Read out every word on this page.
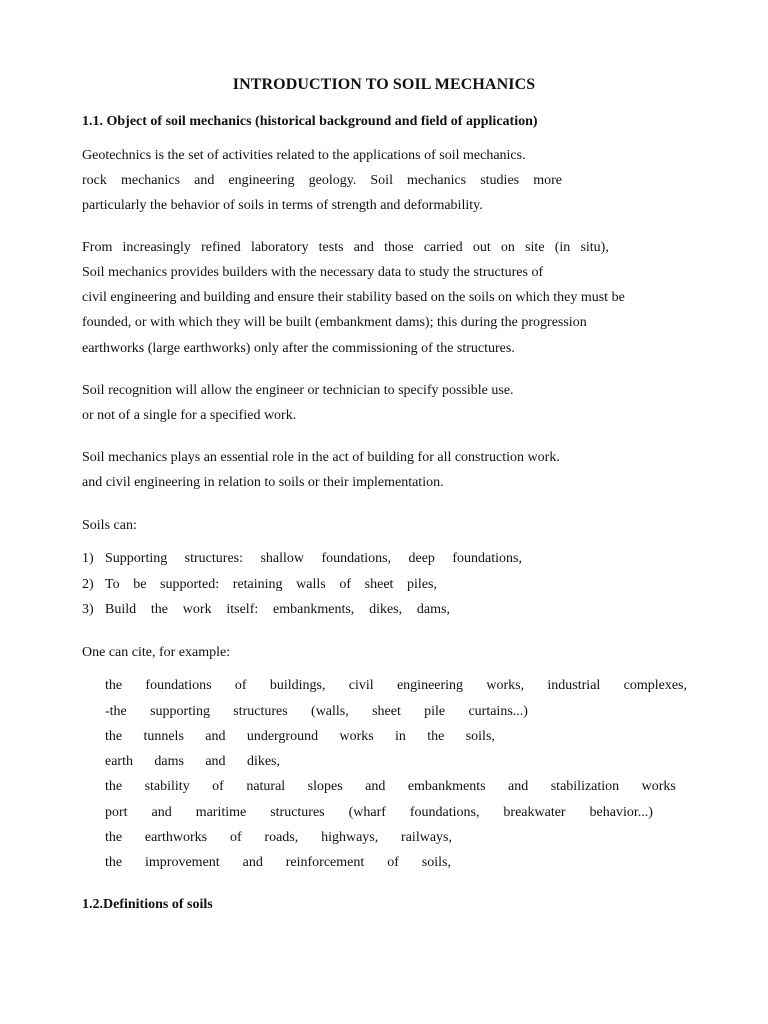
INTRODUCTION TO SOIL MECHANICS
1.1. Object of soil mechanics (historical background and field of application)
Geotechnics is the set of activities related to the applications of soil mechanics.
rock mechanics and engineering geology. Soil mechanics studies more
particularly the behavior of soils in terms of strength and deformability.
From increasingly refined laboratory tests and those carried out on site (in situ),
Soil mechanics provides builders with the necessary data to study the structures of
civil engineering and building and ensure their stability based on the soils on which they must be
founded, or with which they will be built (embankment dams); this during the progression
earthworks (large earthworks) only after the commissioning of the structures.
Soil recognition will allow the engineer or technician to specify possible use.
or not of a single for a specified work.
Soil mechanics plays an essential role in the act of building for all construction work.
and civil engineering in relation to soils or their implementation.
Soils can:
1) Supporting structures: shallow foundations, deep foundations,
2) To be supported: retaining walls of sheet piles,
3) Build the work itself: embankments, dikes, dams,
One can cite, for example:
the foundations of buildings, civil engineering works, industrial complexes,
-the supporting structures (walls, sheet pile curtains...)
the tunnels and underground works in the soils,
earth dams and dikes,
the stability of natural slopes and embankments and stabilization works
port and maritime structures (wharf foundations, breakwater behavior...)
the earthworks of roads, highways, railways,
the improvement and reinforcement of soils,
1.2.Definitions of soils
